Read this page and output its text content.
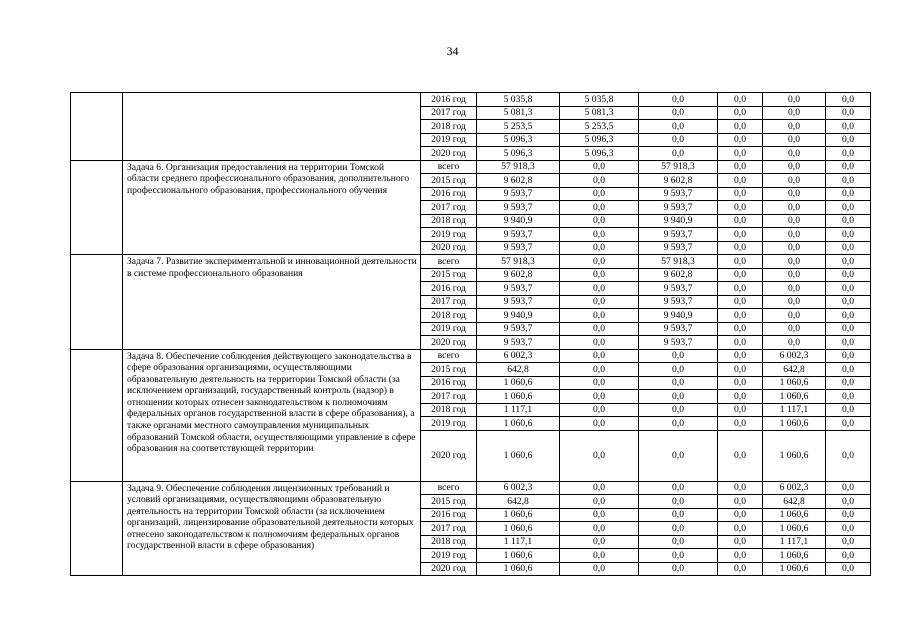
34
		2016 год	5 035,8	5 035,8	0,0	0,0	0,0	0,0
		2017 год	5 081,3	5 081,3	0,0	0,0	0,0	0,0
		2018 год	5 253,5	5 253,5	0,0	0,0	0,0	0,0
		2019 год	5 096,3	5 096,3	0,0	0,0	0,0	0,0
		2020 год	5 096,3	5 096,3	0,0	0,0	0,0	0,0
	Задача 6. Организация предоставления на территории Томской области среднего профессионального образования, дополнительного профессионального образования, профессионального обучения	всего	57 918,3	0,0	57 918,3	0,0	0,0	0,0
		2015 год	9 602,8	0,0	9 602,8	0,0	0,0	0,0
		2016 год	9 593,7	0,0	9 593,7	0,0	0,0	0,0
		2017 год	9 593,7	0,0	9 593,7	0,0	0,0	0,0
		2018 год	9 940,9	0,0	9 940,9	0,0	0,0	0,0
		2019 год	9 593,7	0,0	9 593,7	0,0	0,0	0,0
		2020 год	9 593,7	0,0	9 593,7	0,0	0,0	0,0
	Задача 7. Развитие экспериментальной и инновационной деятельности в системе профессионального образования	всего	57 918,3	0,0	57 918,3	0,0	0,0	0,0
		2015 год	9 602,8	0,0	9 602,8	0,0	0,0	0,0
		2016 год	9 593,7	0,0	9 593,7	0,0	0,0	0,0
		2017 год	9 593,7	0,0	9 593,7	0,0	0,0	0,0
		2018 год	9 940,9	0,0	9 940,9	0,0	0,0	0,0
		2019 год	9 593,7	0,0	9 593,7	0,0	0,0	0,0
		2020 год	9 593,7	0,0	9 593,7	0,0	0,0	0,0
	Задача 8. Обеспечение соблюдения действующего законодательства в сфере образования организациями, осуществляющими образовательную деятельность на территории Томской области (за исключением организаций, государственный контроль (надзор) в отношении которых отнесен законодательством к полномочиям федеральных органов государственной власти в сфере образования), а также органами местного самоуправления муниципальных образований Томской области, осуществляющими управление в сфере образования на соответствующей территории	всего	6 002,3	0,0	0,0	0,0	6 002,3	0,0
		2015 год	642,8	0,0	0,0	0,0	642,8	0,0
		2016 год	1 060,6	0,0	0,0	0,0	1 060,6	0,0
		2017 год	1 060,6	0,0	0,0	0,0	1 060,6	0,0
		2018 год	1 117,1	0,0	0,0	0,0	1 117,1	0,0
		2019 год	1 060,6	0,0	0,0	0,0	1 060,6	0,0
		2020 год	1 060,6	0,0	0,0	0,0	1 060,6	0,0
	Задача 9. Обеспечение соблюдения лицензионных требований и условий организациями, осуществляющими образовательную деятельность на территории Томской области (за исключением организаций, лицензирование образовательной деятельности которых отнесено законодательством к полномочиям федеральных органов государственной власти в сфере образования)	всего	6 002,3	0,0	0,0	0,0	6 002,3	0,0
		2015 год	642,8	0,0	0,0	0,0	642,8	0,0
		2016 год	1 060,6	0,0	0,0	0,0	1 060,6	0,0
		2017 год	1 060,6	0,0	0,0	0,0	1 060,6	0,0
		2018 год	1 117,1	0,0	0,0	0,0	1 117,1	0,0
		2019 год	1 060,6	0,0	0,0	0,0	1 060,6	0,0
		2020 год	1 060,6	0,0	0,0	0,0	1 060,6	0,0
